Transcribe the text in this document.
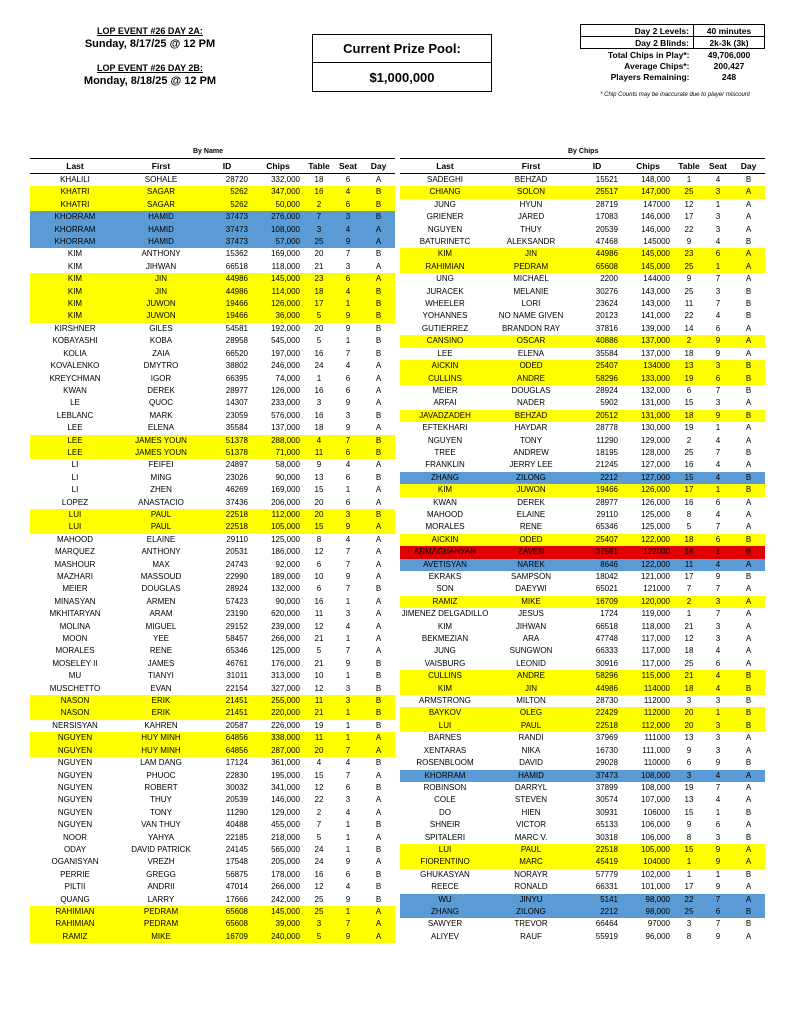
LOP EVENT #26 DAY 2A:
Sunday, 8/17/25 @ 12 PM
LOP EVENT #26 DAY 2B:
Monday, 8/18/25 @ 12 PM
Current Prize Pool:
$1,000,000
Day 2 Levels:	40 minutes
Day 2 Blinds:	2k-3k (3k)
Total Chips in Play*:	49,706,000
Average Chips*:	200,427
Players Remaining:	248
* Chip Counts may be inaccurate due to player miscount
By Name	By Chips
Last	First	ID	Chips	Table	Seat	Day
KHALILI	SOHALE	28720	332,000	18	6	A
KHATRI	SAGAR	5262	347,000	16	4	B
KHATRI	SAGAR	5262	50,000	2	6	B
KHORRAM	HAMID	37473	276,000	7	3	B
KHORRAM	HAMID	37473	108,000	3	4	A
KHORRAM	HAMID	37473	57,000	25	9	A
KIM	ANTHONY	15362	169,000	20	7	B
KIM	JIHWAN	66518	118,000	21	3	A
KIM	JIN	44986	145,000	23	6	A
KIM	JIN	44986	114,000	18	4	B
KIM	JUWON	19466	126,000	17	1	B
KIM	JUWON	19466	36,000	5	9	B
KIRSHNER	GILES	54581	192,000	20	9	B
KOBAYASHI	KOBA	28958	545,000	5	1	B
KOLIA	ZAIA	66520	197,000	16	7	B
KOVALENKO	DMYTRO	38802	246,000	24	4	A
KREYCHMAN	IGOR	66395	74,000	1	6	A
KWAN	DEREK	28977	126,000	16	6	A
LE	QUOC	14307	233,000	3	9	A
LEBLANC	MARK	23059	576,000	16	3	B
LEE	ELENA	35584	137,000	18	9	A
LEE	JAMES YOUN	51378	288,000	4	7	B
LEE	JAMES YOUN	51378	71,000	11	6	B
LI	FEIFEI	24897	58,000	9	4	A
LI	MING	23026	90,000	13	6	B
LI	ZHEN	46269	169,000	15	1	A
LOPEZ	ANASTACIO	37436	206,000	20	6	A
LUI	PAUL	22518	112,000	20	3	B
LUI	PAUL	22518	105,000	15	9	A
MAHOOD	ELAINE	29110	125,000	8	4	A
MARQUEZ	ANTHONY	20531	186,000	12	7	A
MASHOUR	MAX	24743	92,000	6	7	A
MAZHARI	MASSOUD	22990	189,000	10	9	A
MEIER	DOUGLAS	28924	132,000	6	7	B
MINASYAN	ARMEN	57423	90,000	16	1	A
MKHITARYAN	ARAM	23190	620,000	11	3	A
MOLINA	MIGUEL	29152	239,000	12	4	A
MOON	YEE	58457	266,000	21	1	A
MORALES	RENE	65346	125,000	5	7	A
MOSELEY II	JAMES	46761	176,000	21	9	B
MU	TIANYI	31011	313,000	10	1	B
MUSCHETTO	EVAN	22154	327,000	12	3	B
NASON	ERIK	21451	255,000	11	3	B
NASON	ERIK	21451	220,000	21	1	B
NERSISYAN	KAHREN	20587	226,000	19	1	B
NGUYEN	HUY MINH	64856	338,000	11	1	A
NGUYEN	HUY MINH	64856	287,000	20	7	A
NGUYEN	LAM DANG	17124	361,000	4	4	B
NGUYEN	PHUOC	22830	195,000	15	7	A
NGUYEN	ROBERT	30032	341,000	12	6	B
NGUYEN	THUY	20539	146,000	22	3	A
NGUYEN	TONY	11290	129,000	2	4	A
NGUYEN	VAN THUY	40488	455,000	7	1	B
NOOR	YAHYA	22185	218,000	5	1	A
ODAY	DAVID PATRICK	24145	565,000	24	1	B
OGANISYAN	VREZH	17548	205,000	24	9	A
PERRIE	GREGG	56875	178,000	16	6	B
PILTII	ANDRII	47014	266,000	12	4	B
QUANG	LARRY	17666	242,000	25	9	B
RAHIMIAN	PEDRAM	65608	145,000	25	1	A
RAHIMIAN	PEDRAM	65608	39,000	3	7	A
RAMIZ	MIKE	16709	240,000	5	9	A
Last	First	ID	Chips	Table	Seat	Day
SADEGHI	BEHZAD	15521	148,000	1	4	B
CHIANG	SOLON	25517	147,000	25	3	A
JUNG	HYUN	28719	147000	12	1	A
GRIENER	JARED	17083	146,000	17	3	A
NGUYEN	THUY	20539	146,000	22	3	A
BATURINETC	ALEKSANDR	47468	145000	9	4	B
KIM	JIN	44986	145,000	23	6	A
RAHIMIAN	PEDRAM	65608	145,000	25	1	A
UNG	MICHAEL	2200	144000	9	7	A
JURACEK	MELANIE	30276	143,000	25	3	B
WHEELER	LORI	23624	143,000	11	7	B
YOHANNES	NO NAME GIVEN	20123	141,000	22	4	B
GUTIERREZ	BRANDON RAY	37816	139,000	14	6	A
CANSINO	OSCAR	40886	137,000	2	9	A
LEE	ELENA	35584	137,000	18	9	A
AICKIN	ODED	25407	134000	13	3	B
CULLINS	ANDRE	58296	133,000	19	6	B
MEIER	DOUGLAS	28924	132,000	6	7	B
ARFAI	NADER	5902	131,000	15	3	A
JAVADZADEH	BEHZAD	20512	131,000	18	9	B
EFTEKHARI	HAYDAR	28778	130,000	19	1	A
NGUYEN	TONY	11290	129,000	2	4	A
TREE	ANDREW	18195	128,000	25	7	B
FRANKLIN	JERRY LEE	21245	127,000	16	4	A
ZHANG	ZILONG	2212	127,000	15	4	B
KIM	JUWON	19466	126,000	17	1	B
KWAN	DEREK	28977	126,000	16	6	A
MAHOOD	ELAINE	29110	125,000	8	4	A
MORALES	RENE	65346	125,000	5	7	A
AICKIN	ODED	25407	122,000	18	6	B
ARMAGHANYAN	ZAVEN	37581	122000	18	1	B
AVETISYAN	NAREK	8646	122,000	11	4	A
EKRAKS	SAMPSON	18042	121,000	17	9	B
SON	DAEYWI	65021	121000	7	7	A
RAMIZ	MIKE	16709	120,000	2	3	A
JIMENEZ DELGADILLO	JESUS	1724	119,000	1	7	A
KIM	JIHWAN	66518	118,000	21	3	A
BEKMEZIAN	ARA	47748	117,000	12	3	A
JUNG	SUNGWON	66333	117,000	18	4	A
VAISBURG	LEONID	30916	117,000	25	6	A
CULLINS	ANDRE	58296	115,000	21	4	B
KIM	JIN	44986	114000	18	4	B
ARMSTRONG	MILTON	28730	112000	3	3	B
BAYKOV	OLEG	22429	112000	20	1	B
LUI	PAUL	22518	112,000	20	3	B
BARNES	RANDI	37969	111000	13	3	A
XENTARAS	NIKA	16730	111,000	9	3	A
ROSENBLOOM	DAVID	29028	110000	6	9	B
KHORRAM	HAMID	37473	108,000	3	4	A
ROBINSON	DARRYL	37899	108,000	19	7	A
COLE	STEVEN	30574	107,000	13	4	A
DO	HIEN	30931	106000	15	1	B
SHNEIR	VICTOR	65133	106,000	9	6	A
SPITALERI	MARC V.	30318	106,000	8	3	B
LUI	PAUL	22518	105,000	15	9	A
FIORENTINO	MARC	45419	104000	1	9	A
GHUKASYAN	NORAYR	57779	102,000	1	1	B
REECE	RONALD	66331	101,000	17	9	A
WU	JINYU	5141	98,000	22	7	A
ZHANG	ZILONG	2212	98,000	25	6	B
SAWYER	TREVOR	66464	97000	3	7	B
ALIYEV	RAUF	55919	96,000	8	9	A
